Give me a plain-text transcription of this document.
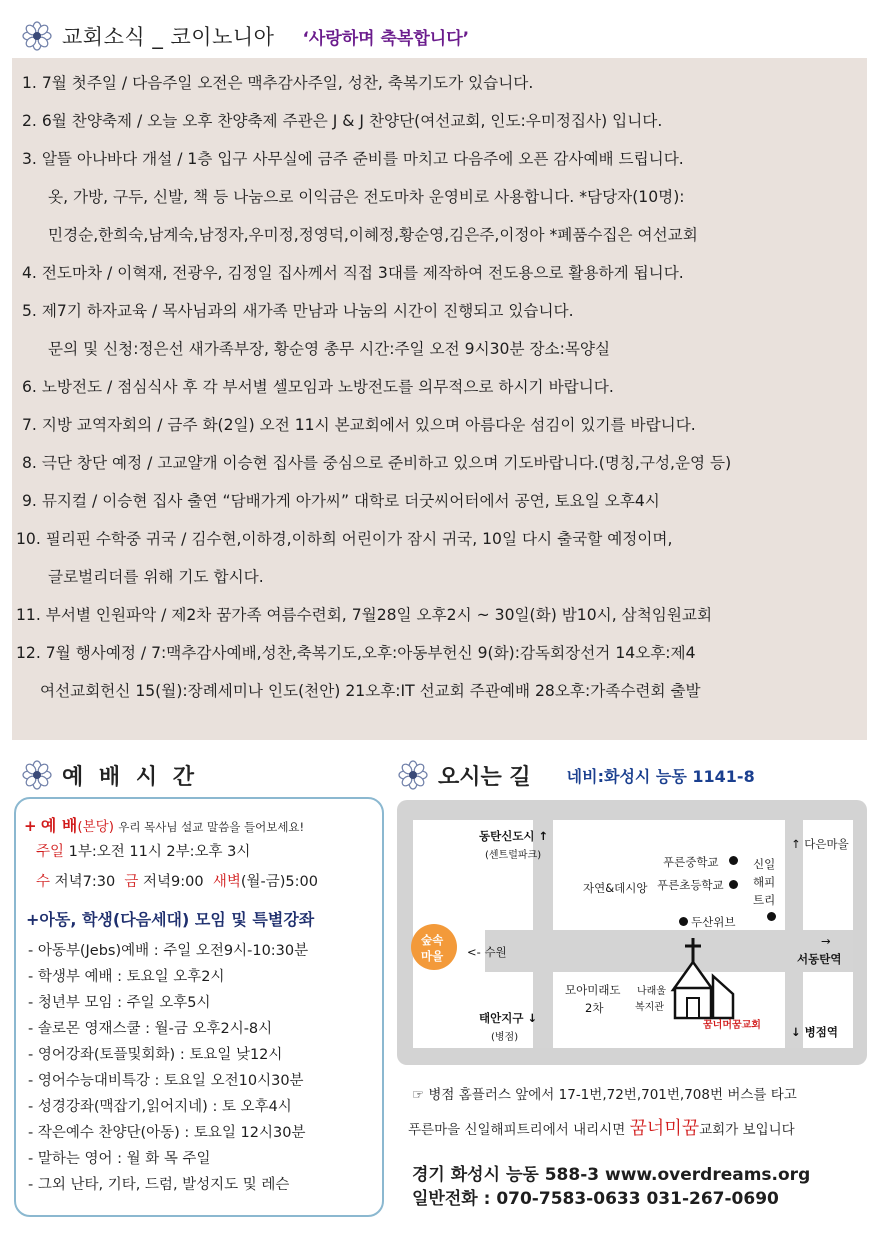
교회소식 _ 코이노니아 ‘사랑하며 축복합니다’
1. 7월 첫주일 / 다음주일 오전은 맥추감사주일, 성찬, 축복기도가 있습니다.
2. 6월 찬양축제 / 오늘 오후 찬양축제 주관은 J & J 찬양단(여선교회, 인도:우미정집사) 입니다.
3. 알뜰 아나바다 개설 / 1층 입구 사무실에 금주 준비를 마치고 다음주에 오픈 감사예배 드립니다.
옷, 가방, 구두, 신발, 책 등 나눔으로 이익금은 전도마차 운영비로 사용합니다. *담당자(10명):
민경순,한희숙,남계숙,남정자,우미정,정영덕,이혜정,황순영,김은주,이정아 *폐품수집은 여선교회
4. 전도마차 / 이혁재, 전광우, 김정일 집사께서 직접 3대를 제작하여 전도용으로 활용하게 됩니다.
5. 제7기 하자교육 / 목사님과의 새가족 만남과 나눔의 시간이 진행되고 있습니다.
문의 및 신청:정은선 새가족부장, 황순영 총무 시간:주일 오전 9시30분 장소:목양실
6. 노방전도 / 점심식사 후 각 부서별 셀모임과 노방전도를 의무적으로 하시기 바랍니다.
7. 지방 교역자회의 / 금주 화(2일) 오전 11시 본교회에서 있으며 아름다운 섬김이 있기를 바랍니다.
8. 극단 창단 예정 / 고교얄개 이승현 집사를 중심으로 준비하고 있으며 기도바랍니다.(명칭,구성,운영 등)
9. 뮤지컬 / 이승현 집사 출연 “담배가게 아가씨” 대학로 더굿씨어터에서 공연, 토요일 오후4시
10. 필리핀 수학중 귀국 / 김수현,이하경,이하희 어린이가 잠시 귀국, 10일 다시 출국할 예정이며,
글로벌리더를 위해 기도 합시다.
11. 부서별 인원파악 / 제2차 꿈가족 여름수련회, 7월28일 오후2시 ~ 30일(화) 밤10시, 삼척임원교회
12. 7월 행사예정 / 7:맥추감사예배,성찬,축복기도,오후:아동부헌신 9(화):감독회장선거 14오후:제4
여선교회헌신 15(월):장례세미나 인도(천안) 21오후:IT 선교회 주관예배 28오후:가족수련회 출발
예 배 시 간
+ 예 배(본당) 우리 목사님 설교 말씀을 들어보세요!
주일 1부:오전 11시 2부:오후 3시
수 저녁7:30 금 저녁9:00 새벽(월-금)5:00
+아동, 학생(다음세대) 모임 및 특별강좌
- 아동부(Jebs)예배 : 주일 오전9시-10:30분
- 학생부 예배 : 토요일 오후2시
- 청년부 모임 : 주일 오후5시
- 솔로몬 영재스쿨 : 월-금 오후2시-8시
- 영어강좌(토플및회화) : 토요일 낮12시
- 영어수능대비특강 : 토요일 오전10시30분
- 성경강좌(맥잡기,읽어지네) : 토 오후4시
- 작은예수 찬양단(아동) : 토요일 12시30분
- 말하는 영어 : 월 화 목 주일
- 그외 난타, 기타, 드럼, 발성지도 및 레슨
오시는 길 네비:화성시 능동 1141-8
동탄신도시 ↑
(센트럴파크)
자연&데시앙
푸른중학교
푸른초등학교
신일
해피
트리
↑ 다은마을
두산위브
숲속
마을 <- 수원
→
서동탄역
모아미래도
2차
나래울
복지관
태안지구 ↓
(병점)
꿈너머꿈교회	↓ 병점역
☞ 병점 홈플러스 앞에서 17-1번,72번,701번,708번 버스를 타고
푸른마을 신일해피트리에서 내리시면 꿈너미꿈교회가 보입니다
경기 화성시 능동 588-3 www.overdreams.org
일반전화 : 070-7583-0633 031-267-0690
